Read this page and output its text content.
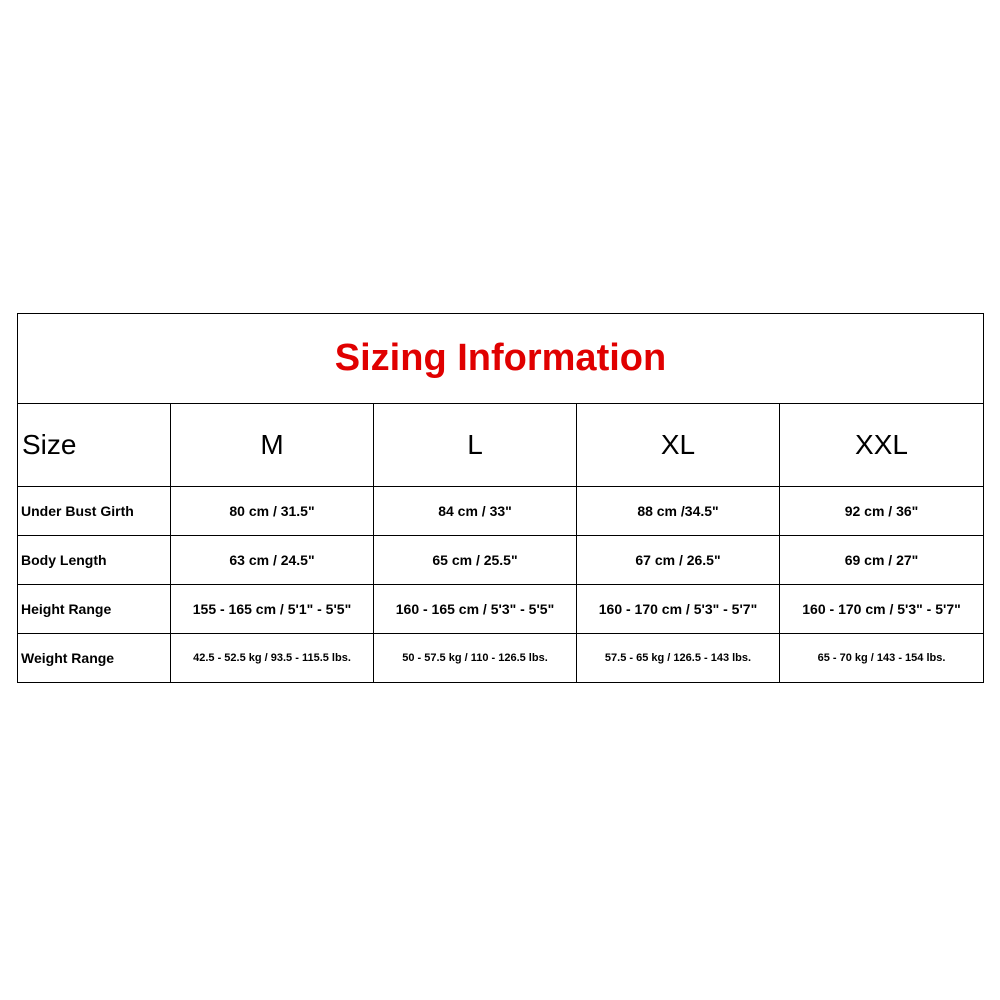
Sizing Information				
Size	M	L	XL	XXL
Under Bust Girth	80 cm / 31.5"	84 cm / 33"	88 cm /34.5"	92 cm / 36"
Body Length	63 cm / 24.5"	65 cm / 25.5"	67 cm / 26.5"	69 cm / 27"
Height Range	155 - 165 cm / 5'1" - 5'5"	160 - 165 cm / 5'3" - 5'5"	160 - 170 cm / 5'3" - 5'7"	160 - 170 cm / 5'3" - 5'7"
Weight Range	42.5 - 52.5 kg / 93.5 - 115.5 lbs.	50 - 57.5 kg / 110 - 126.5 lbs.	57.5 - 65 kg / 126.5 - 143 lbs.	65 - 70 kg / 143 - 154 lbs.
